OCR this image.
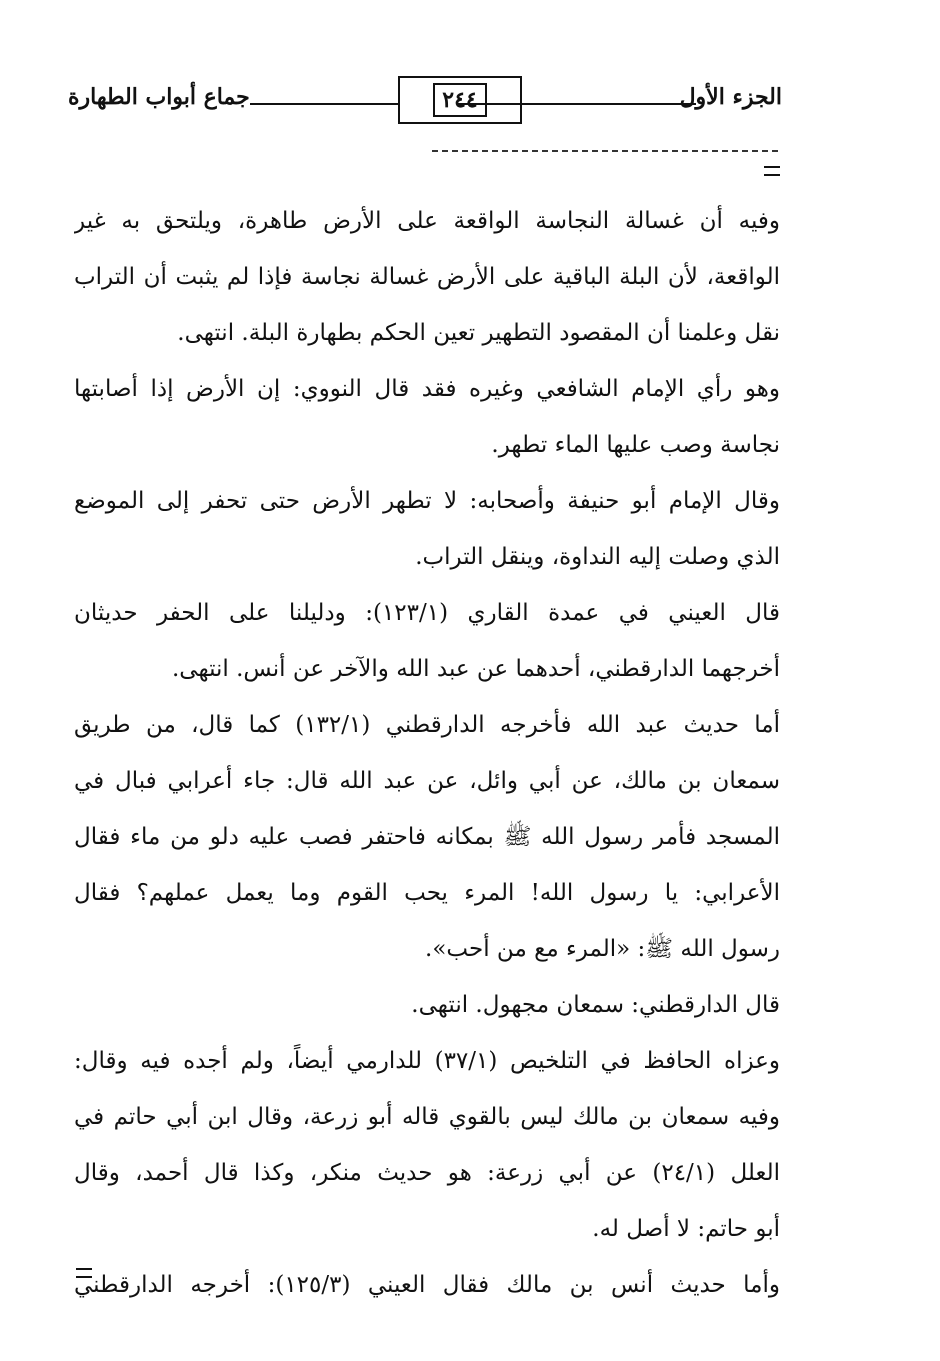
الجزء الأول
٢٤٤
جماع أبواب الطهارة
وفيه أن غسالة النجاسة الواقعة على الأرض طاهرة، ويلتحق به غير
الواقعة، لأن البلة الباقية على الأرض غسالة نجاسة فإذا لم يثبت أن التراب
نقل وعلمنا أن المقصود التطهير تعين الحكم بطهارة البلة. انتهى.
وهو رأي الإمام الشافعي وغيره فقد قال النووي: إن الأرض إذا أصابتها
نجاسة وصب عليها الماء تطهر.
وقال الإمام أبو حنيفة وأصحابه: لا تطهر الأرض حتى تحفر إلى الموضع
الذي وصلت إليه النداوة، وينقل التراب.
قال العيني في عمدة القاري (١٢٣/١): ودليلنا على الحفر حديثان
أخرجهما الدارقطني، أحدهما عن عبد الله والآخر عن أنس. انتهى.
أما حديث عبد الله فأخرجه الدارقطني (١٣٢/١) كما قال، من طريق
سمعان بن مالك، عن أبي وائل، عن عبد الله قال: جاء أعرابي فبال في
المسجد فأمر رسول الله ﷺ بمكانه فاحتفر فصب عليه دلو من ماء فقال
الأعرابي: يا رسول الله! المرء يحب القوم وما يعمل عملهم؟ فقال
رسول الله ﷺ: «المرء مع من أحب».
قال الدارقطني: سمعان مجهول. انتهى.
وعزاه الحافظ في التلخيص (٣٧/١) للدارمي أيضاً، ولم أجده فيه وقال:
وفيه سمعان بن مالك ليس بالقوي قاله أبو زرعة، وقال ابن أبي حاتم في
العلل (٢٤/١) عن أبي زرعة: هو حديث منكر، وكذا قال أحمد، وقال
أبو حاتم: لا أصل له.
وأما حديث أنس بن مالك فقال العيني (١٢٥/٣): أخرجه الدارقطني
